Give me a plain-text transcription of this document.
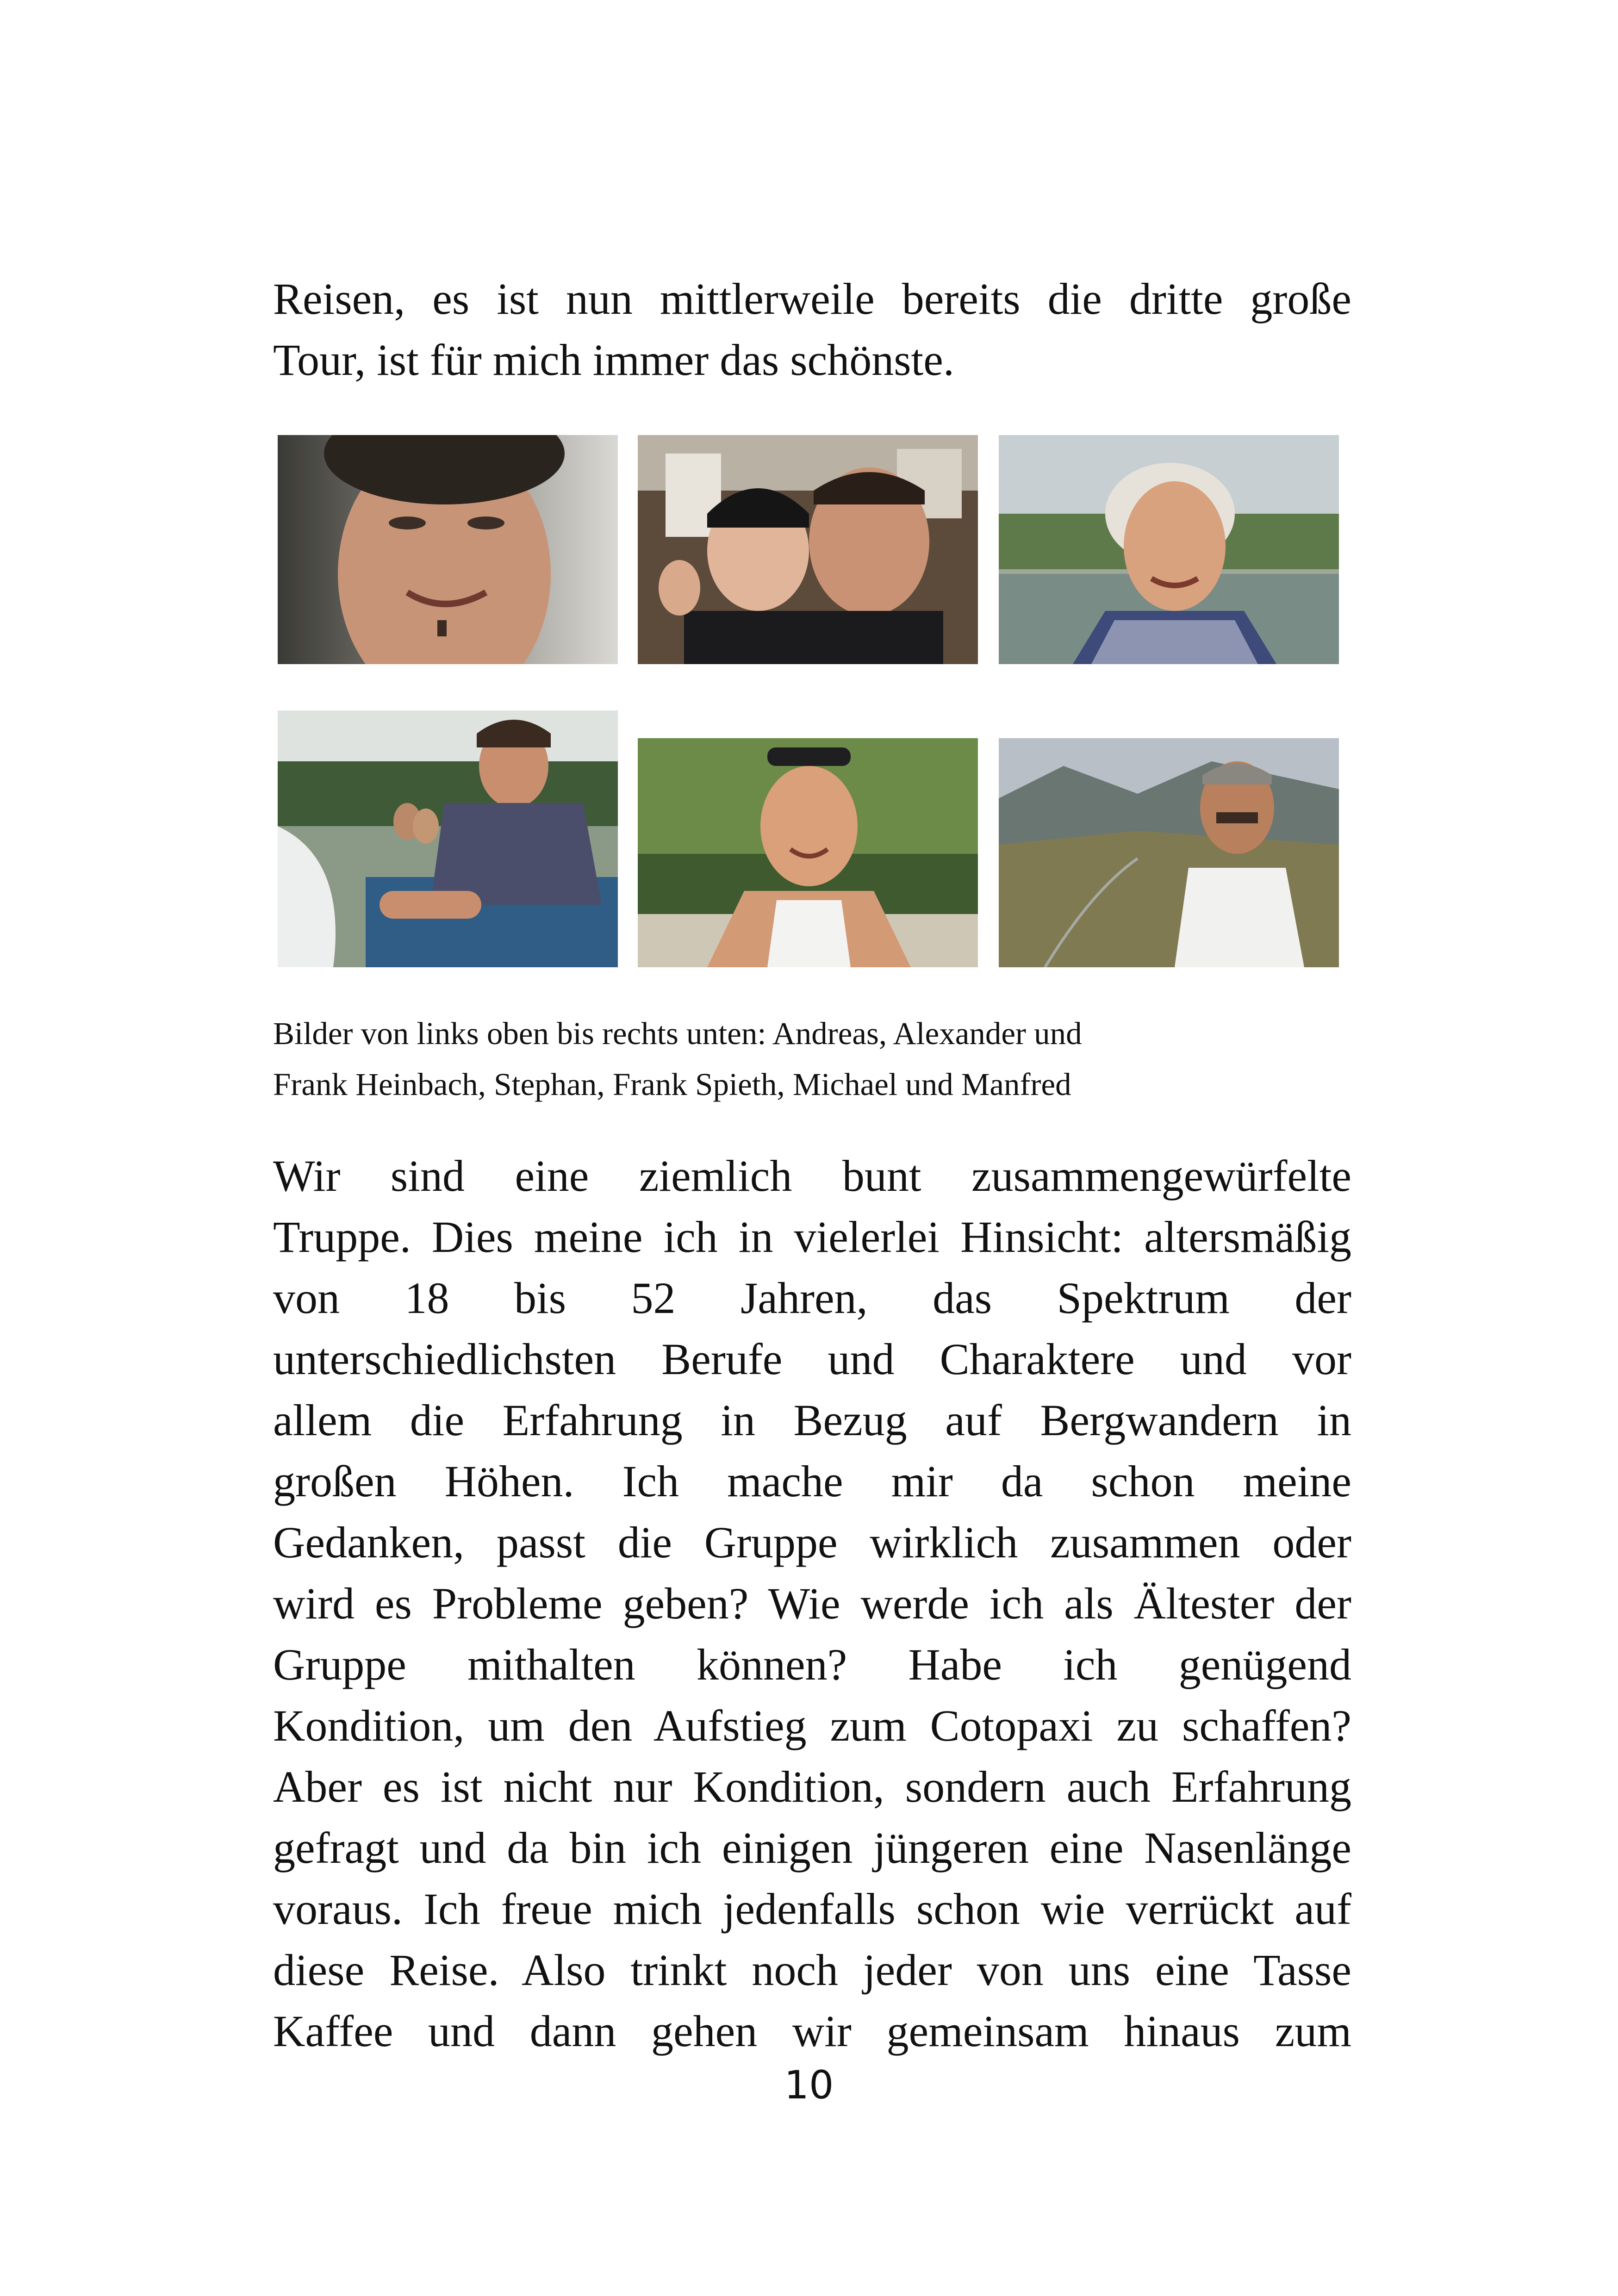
Reisen, es ist nun mittlerweile bereits die dritte große
Tour, ist für mich immer das schönste.
Bilder von links oben bis rechts unten: Andreas, Alexander und
Frank Heinbach, Stephan, Frank Spieth, Michael und Manfred
Wir sind eine ziemlich bunt zusammengewürfelte
Truppe. Dies meine ich in vielerlei Hinsicht: altersmäßig
von 18 bis 52 Jahren, das Spektrum der
unterschiedlichsten Berufe und Charaktere und vor
allem die Erfahrung in Bezug auf Bergwandern in
großen Höhen. Ich mache mir da schon meine
Gedanken, passt die Gruppe wirklich zusammen oder
wird es Probleme geben? Wie werde ich als Ältester der
Gruppe mithalten können? Habe ich genügend
Kondition, um den Aufstieg zum Cotopaxi zu schaffen?
Aber es ist nicht nur Kondition, sondern auch Erfahrung
gefragt und da bin ich einigen jüngeren eine Nasenlänge
voraus. Ich freue mich jedenfalls schon wie verrückt auf
diese Reise. Also trinkt noch jeder von uns eine Tasse
Kaffee und dann gehen wir gemeinsam hinaus zum
10
